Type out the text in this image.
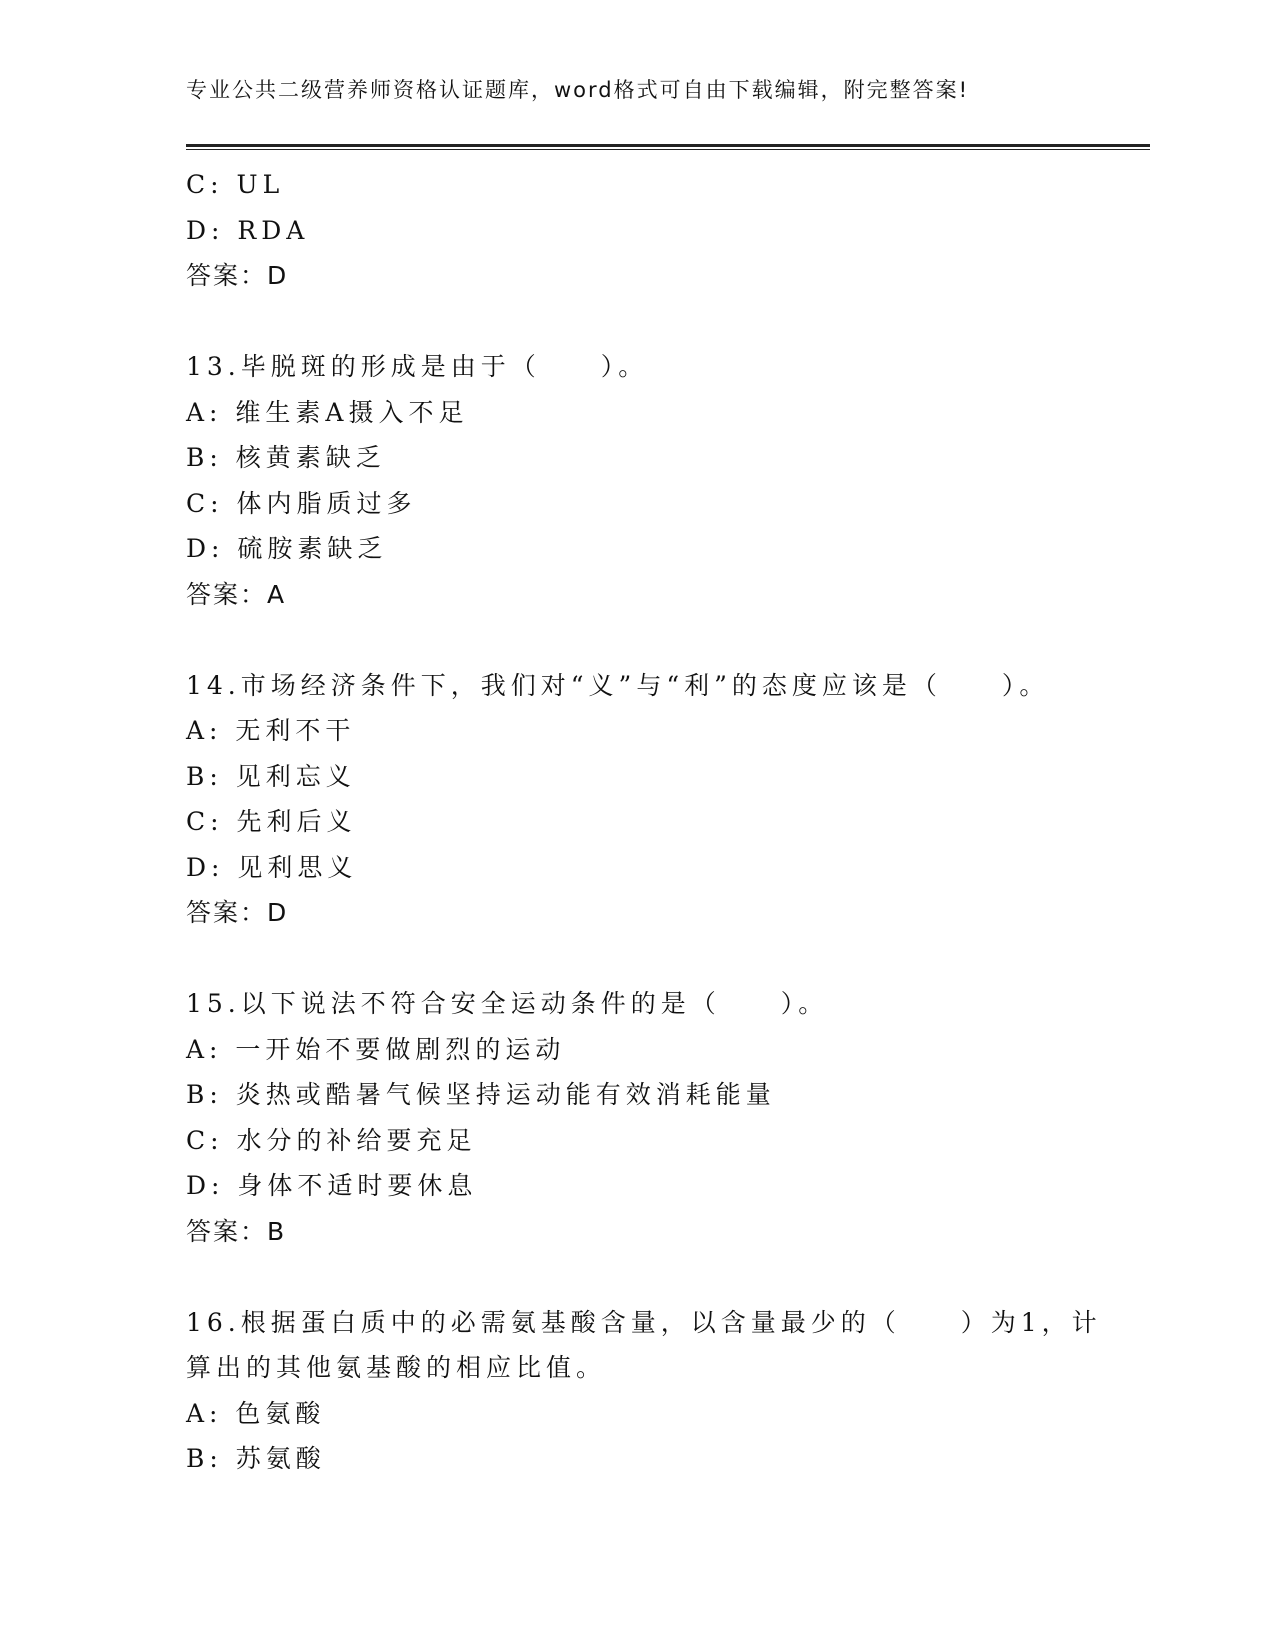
专业公共二级营养师资格认证题库，word格式可自由下载编辑，附完整答案!
C: UL
D: RDA
答案：D
13.毕脱斑的形成是由于（　　）。
A: 维生素A摄入不足
B: 核黄素缺乏
C: 体内脂质过多
D: 硫胺素缺乏
答案：A
14.市场经济条件下，我们对“义”与“利”的态度应该是（　　）。
A: 无利不干
B: 见利忘义
C: 先利后义
D: 见利思义
答案：D
15.以下说法不符合安全运动条件的是（　　）。
A: 一开始不要做剧烈的运动
B: 炎热或酷暑气候坚持运动能有效消耗能量
C: 水分的补给要充足
D: 身体不适时要休息
答案：B
16.根据蛋白质中的必需氨基酸含量，以含量最少的（　　）为1，计
算出的其他氨基酸的相应比值。
A: 色氨酸
B: 苏氨酸
